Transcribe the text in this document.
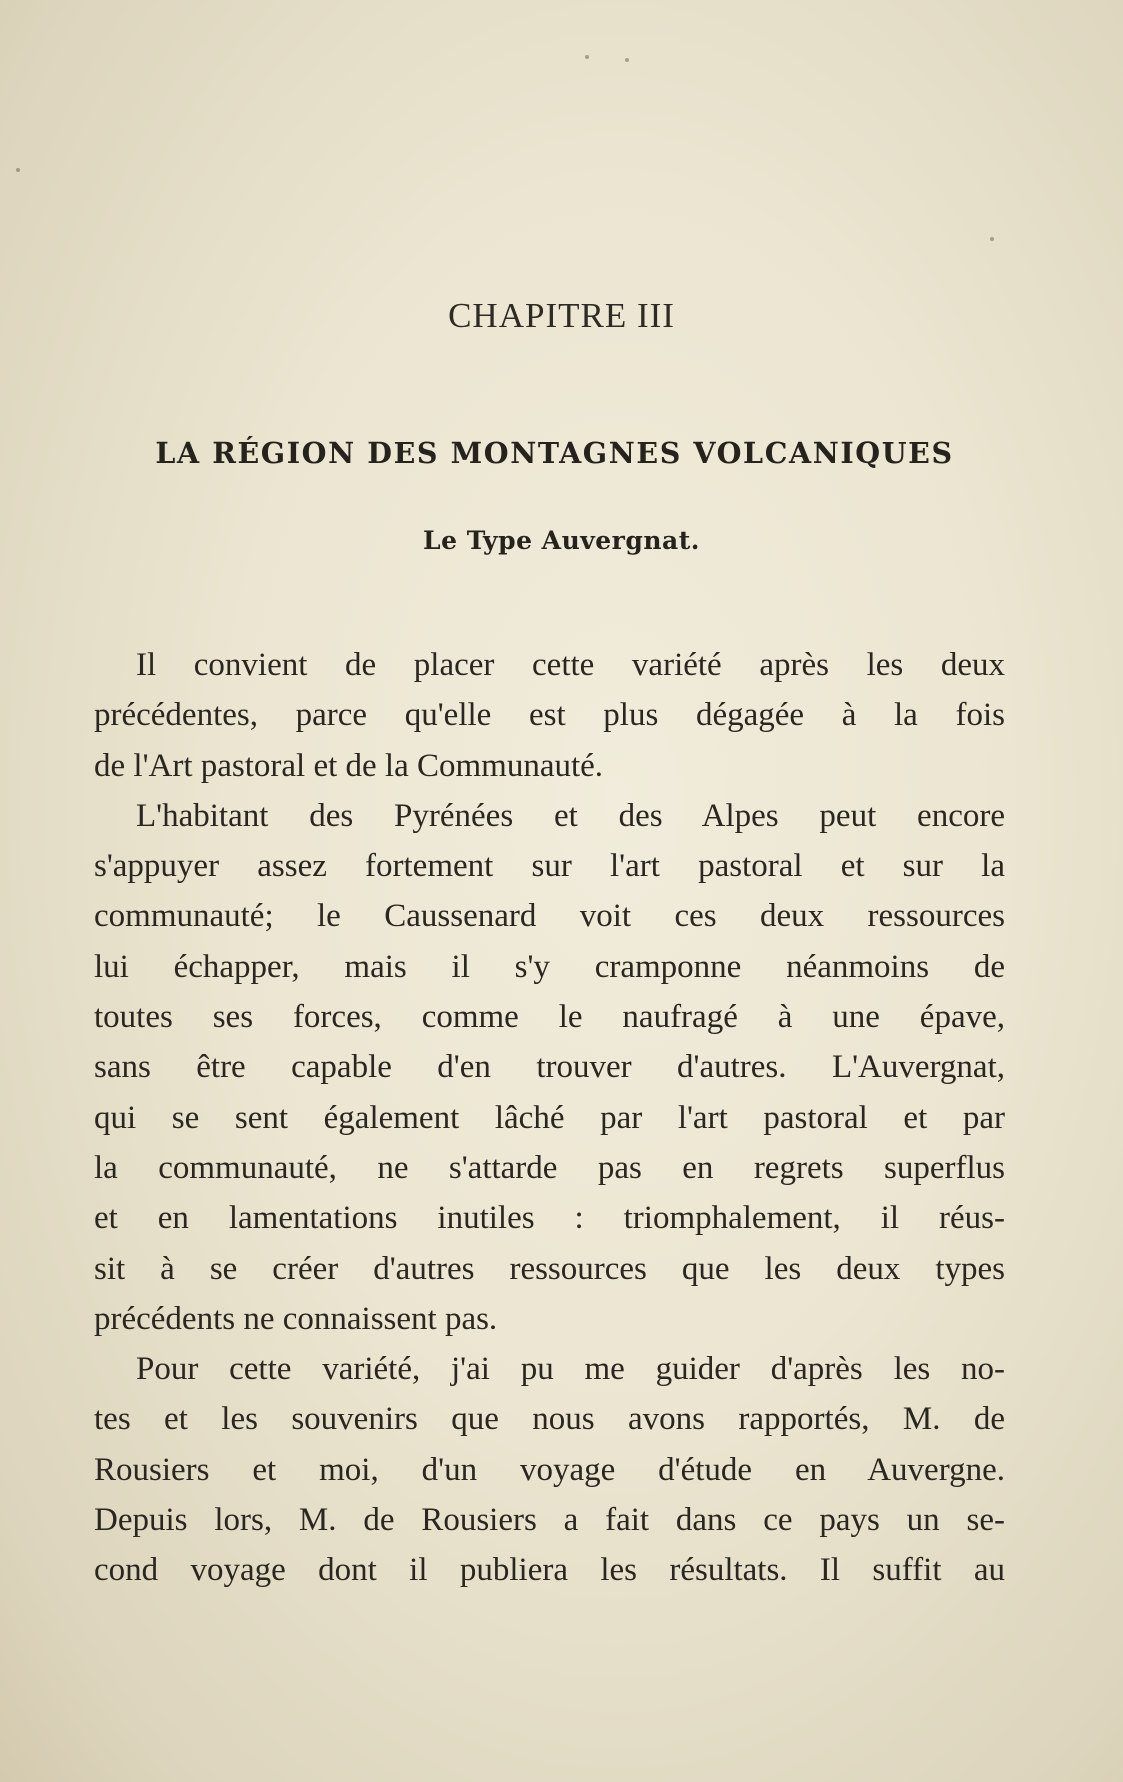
CHAPITRE III
LA RÉGION DES MONTAGNES VOLCANIQUES
Le Type Auvergnat.
Il convient de placer cette variété après les deux
précédentes, parce qu'elle est plus dégagée à la fois
de l'Art pastoral et de la Communauté.
L'habitant des Pyrénées et des Alpes peut encore
s'appuyer assez fortement sur l'art pastoral et sur la
communauté; le Caussenard voit ces deux ressources
lui échapper, mais il s'y cramponne néanmoins de
toutes ses forces, comme le naufragé à une épave,
sans être capable d'en trouver d'autres. L'Auvergnat,
qui se sent également lâché par l'art pastoral et par
la communauté, ne s'attarde pas en regrets superflus
et en lamentations inutiles : triomphalement, il réus-
sit à se créer d'autres ressources que les deux types
précédents ne connaissent pas.
Pour cette variété, j'ai pu me guider d'après les no-
tes et les souvenirs que nous avons rapportés, M. de
Rousiers et moi, d'un voyage d'étude en Auvergne.
Depuis lors, M. de Rousiers a fait dans ce pays un se-
cond voyage dont il publiera les résultats. Il suffit au
